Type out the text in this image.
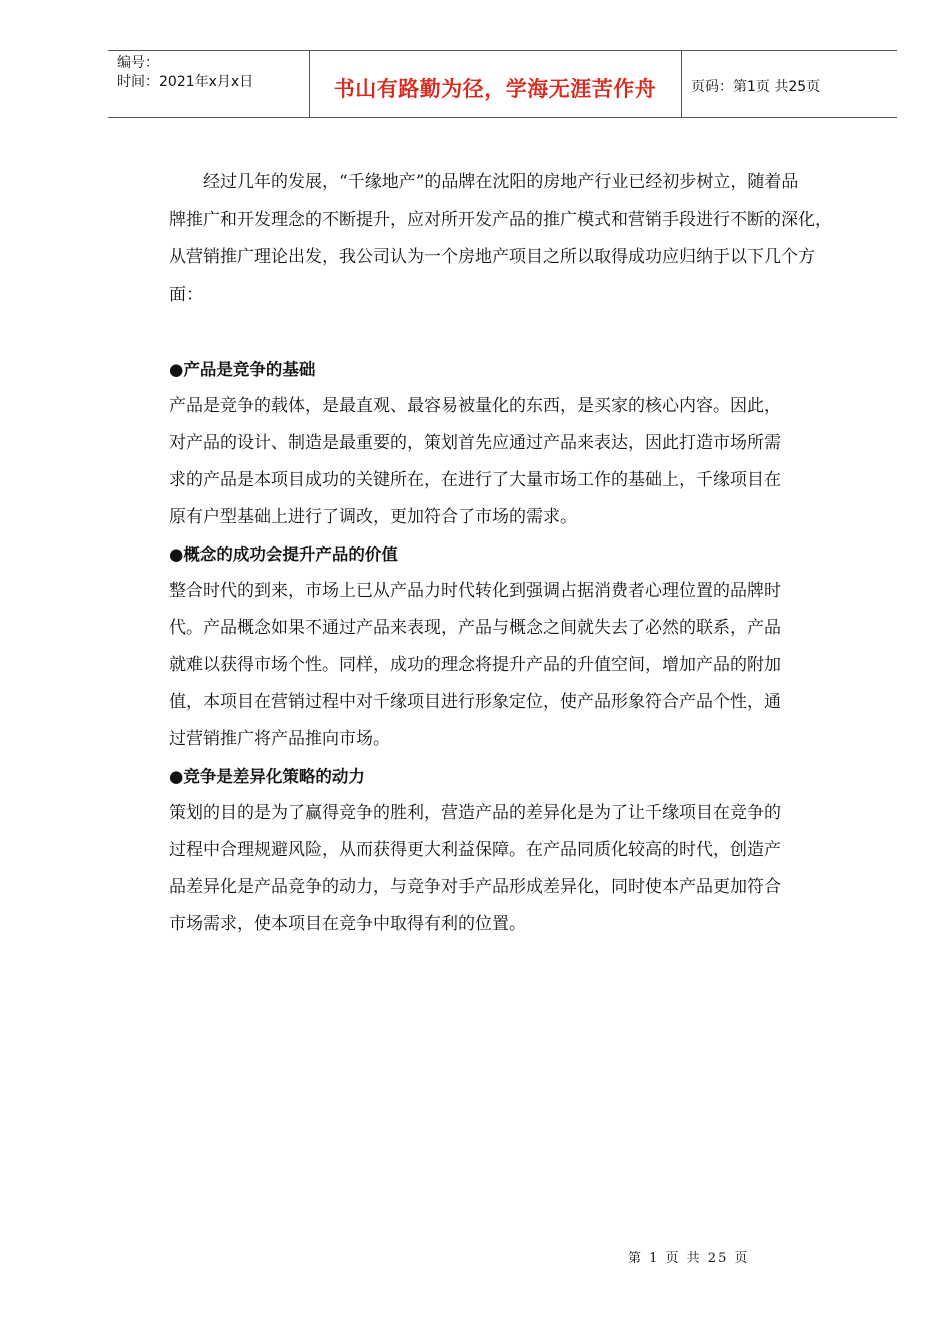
编号：
时间：2021年x月x日	书山有路勤为径，学海无涯苦作舟	页码：第1页 共25页
　　经过几年的发展，“千缘地产”的品牌在沈阳的房地产行业已经初步树立，随着品
牌推广和开发理念的不断提升，应对所开发产品的推广模式和营销手段进行不断的深化，
从营销推广理论出发，我公司认为一个房地产项目之所以取得成功应归纳于以下几个方
面：

●产品是竞争的基础

产品是竞争的载体，是最直观、最容易被量化的东西，是买家的核心内容。因此，
对产品的设计、制造是最重要的，策划首先应通过产品来表达，因此打造市场所需
求的产品是本项目成功的关键所在，在进行了大量市场工作的基础上，千缘项目在
原有户型基础上进行了调改，更加符合了市场的需求。

●概念的成功会提升产品的价值

整合时代的到来，市场上已从产品力时代转化到强调占据消费者心理位置的品牌时
代。产品概念如果不通过产品来表现，产品与概念之间就失去了必然的联系，产品
就难以获得市场个性。同样，成功的理念将提升产品的升值空间，增加产品的附加
值，本项目在营销过程中对千缘项目进行形象定位，使产品形象符合产品个性，通
过营销推广将产品推向市场。

●竞争是差异化策略的动力

策划的目的是为了赢得竞争的胜利，营造产品的差异化是为了让千缘项目在竞争的
过程中合理规避风险，从而获得更大利益保障。在产品同质化较高的时代，创造产
品差异化是产品竞争的动力，与竞争对手产品形成差异化，同时使本产品更加符合
市场需求，使本项目在竞争中取得有利的位置。
第 1 页 共 25 页
